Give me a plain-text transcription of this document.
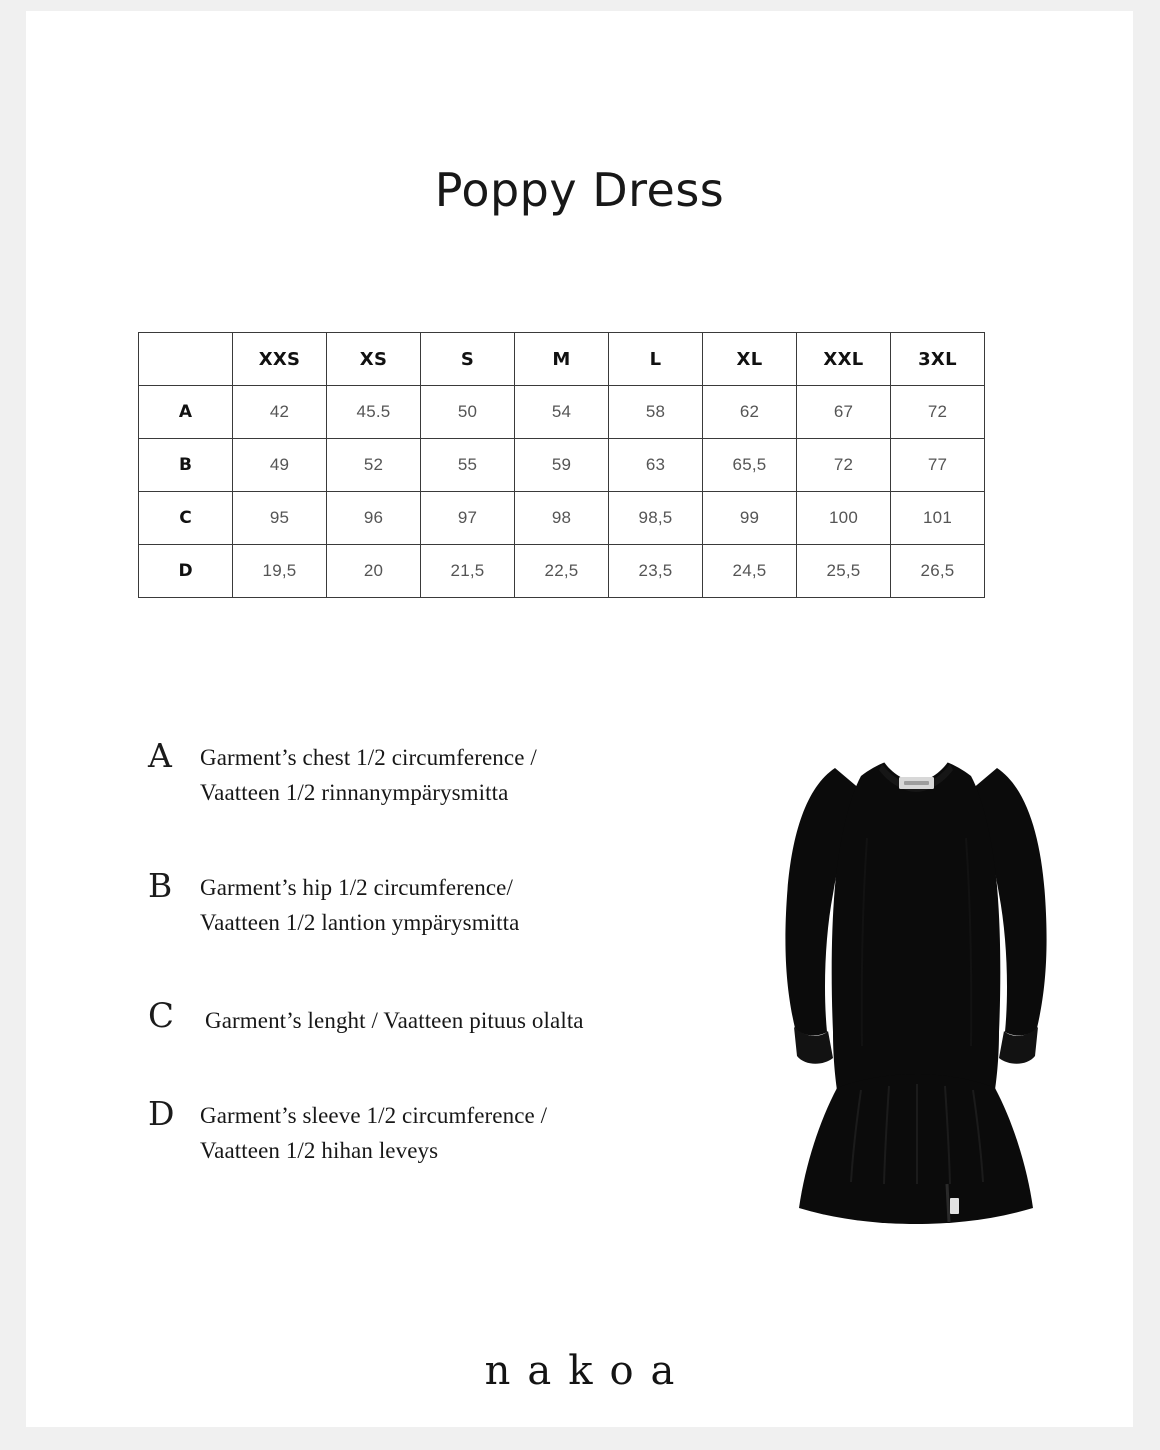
Poppy Dress
	XXS	XS	S	M	L	XL	XXL	3XL
A	42	45.5	50	54	58	62	67	72
B	49	52	55	59	63	65,5	72	77
C	95	96	97	98	98,5	99	100	101
D	19,5	20	21,5	22,5	23,5	24,5	25,5	26,5
A	Garment’s chest 1/2 circumference /
Vaatteen 1/2 rinnanympärysmitta
B	Garment’s hip 1/2 circumference/
Vaatteen 1/2 lantion ympärysmitta
C	Garment’s lenght / Vaatteen pituus olalta
D	Garment’s sleeve 1/2 circumference /
Vaatteen 1/2 hihan leveys
nakoa
